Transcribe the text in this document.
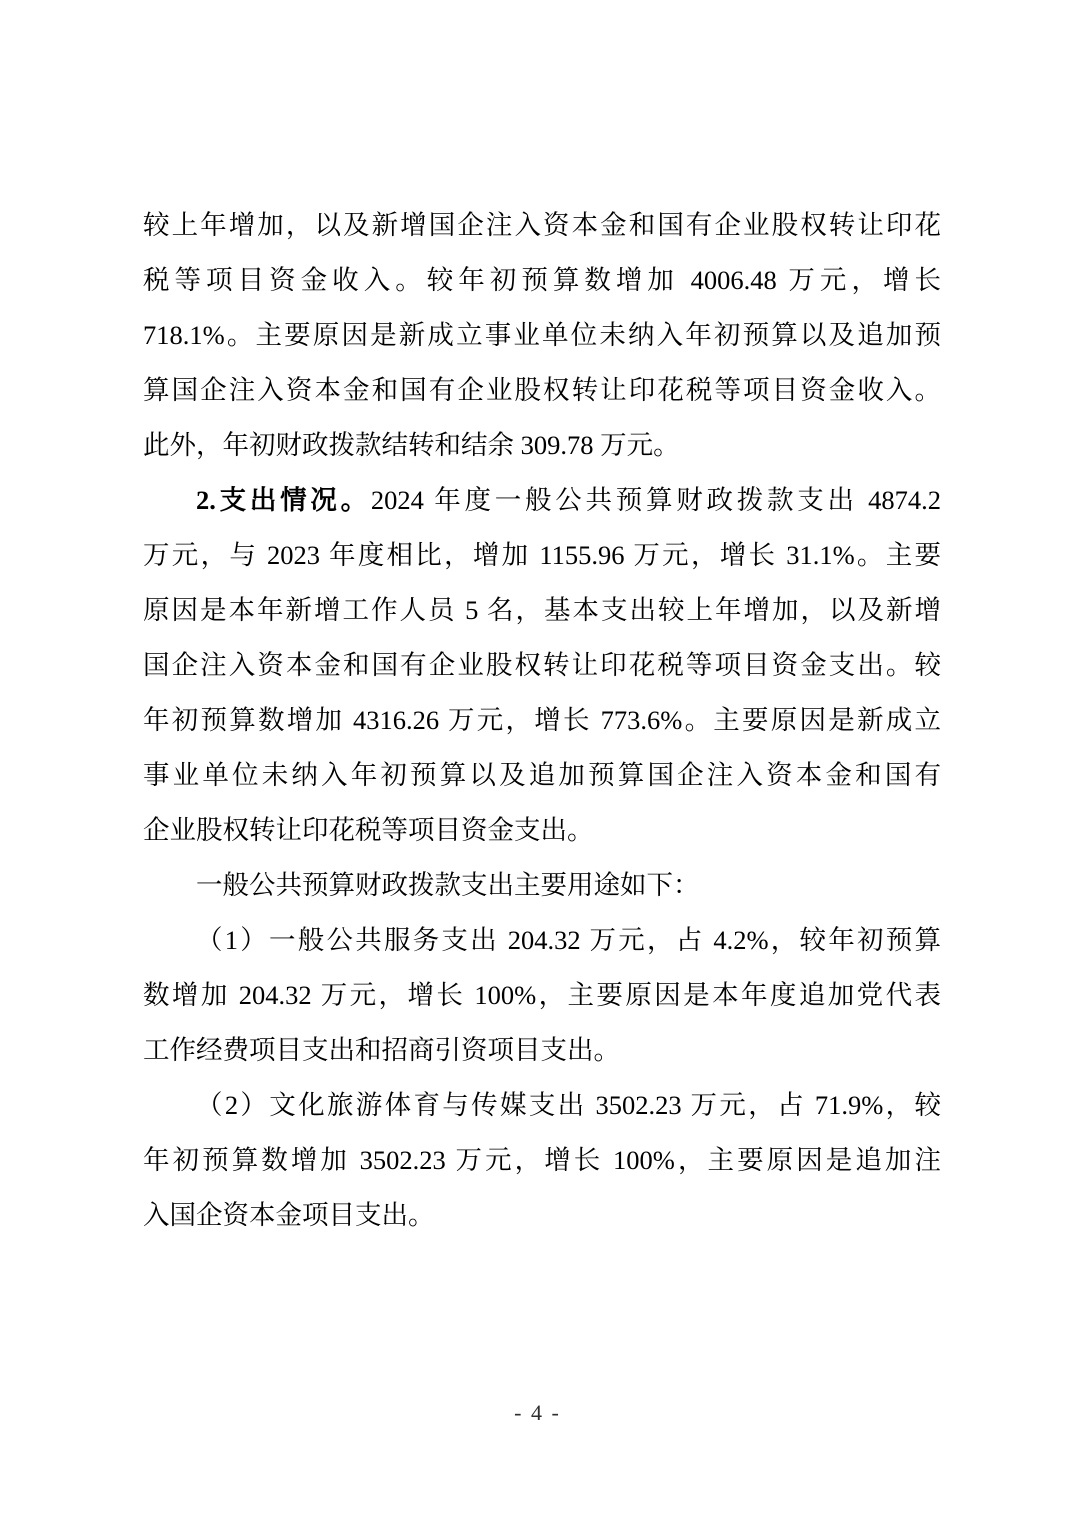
较上年增加，以及新增国企注入资本金和国有企业股权转让印花
税等项目资金收入。较年初预算数增加 4006.48 万元，增长
718.1%。主要原因是新成立事业单位未纳入年初预算以及追加预
算国企注入资本金和国有企业股权转让印花税等项目资金收入。
此外，年初财政拨款结转和结余 309.78 万元。
2.支出情况。2024 年度一般公共预算财政拨款支出 4874.2
万元，与 2023 年度相比，增加 1155.96 万元，增长 31.1%。主要
原因是本年新增工作人员 5 名，基本支出较上年增加，以及新增
国企注入资本金和国有企业股权转让印花税等项目资金支出。较
年初预算数增加 4316.26 万元，增长 773.6%。主要原因是新成立
事业单位未纳入年初预算以及追加预算国企注入资本金和国有
企业股权转让印花税等项目资金支出。
一般公共预算财政拨款支出主要用途如下：
（1）一般公共服务支出 204.32 万元，占 4.2%，较年初预算
数增加 204.32 万元，增长 100%，主要原因是本年度追加党代表
工作经费项目支出和招商引资项目支出。
（2）文化旅游体育与传媒支出 3502.23 万元，占 71.9%，较
年初预算数增加 3502.23 万元，增长 100%，主要原因是追加注
入国企资本金项目支出。
- 4 -
